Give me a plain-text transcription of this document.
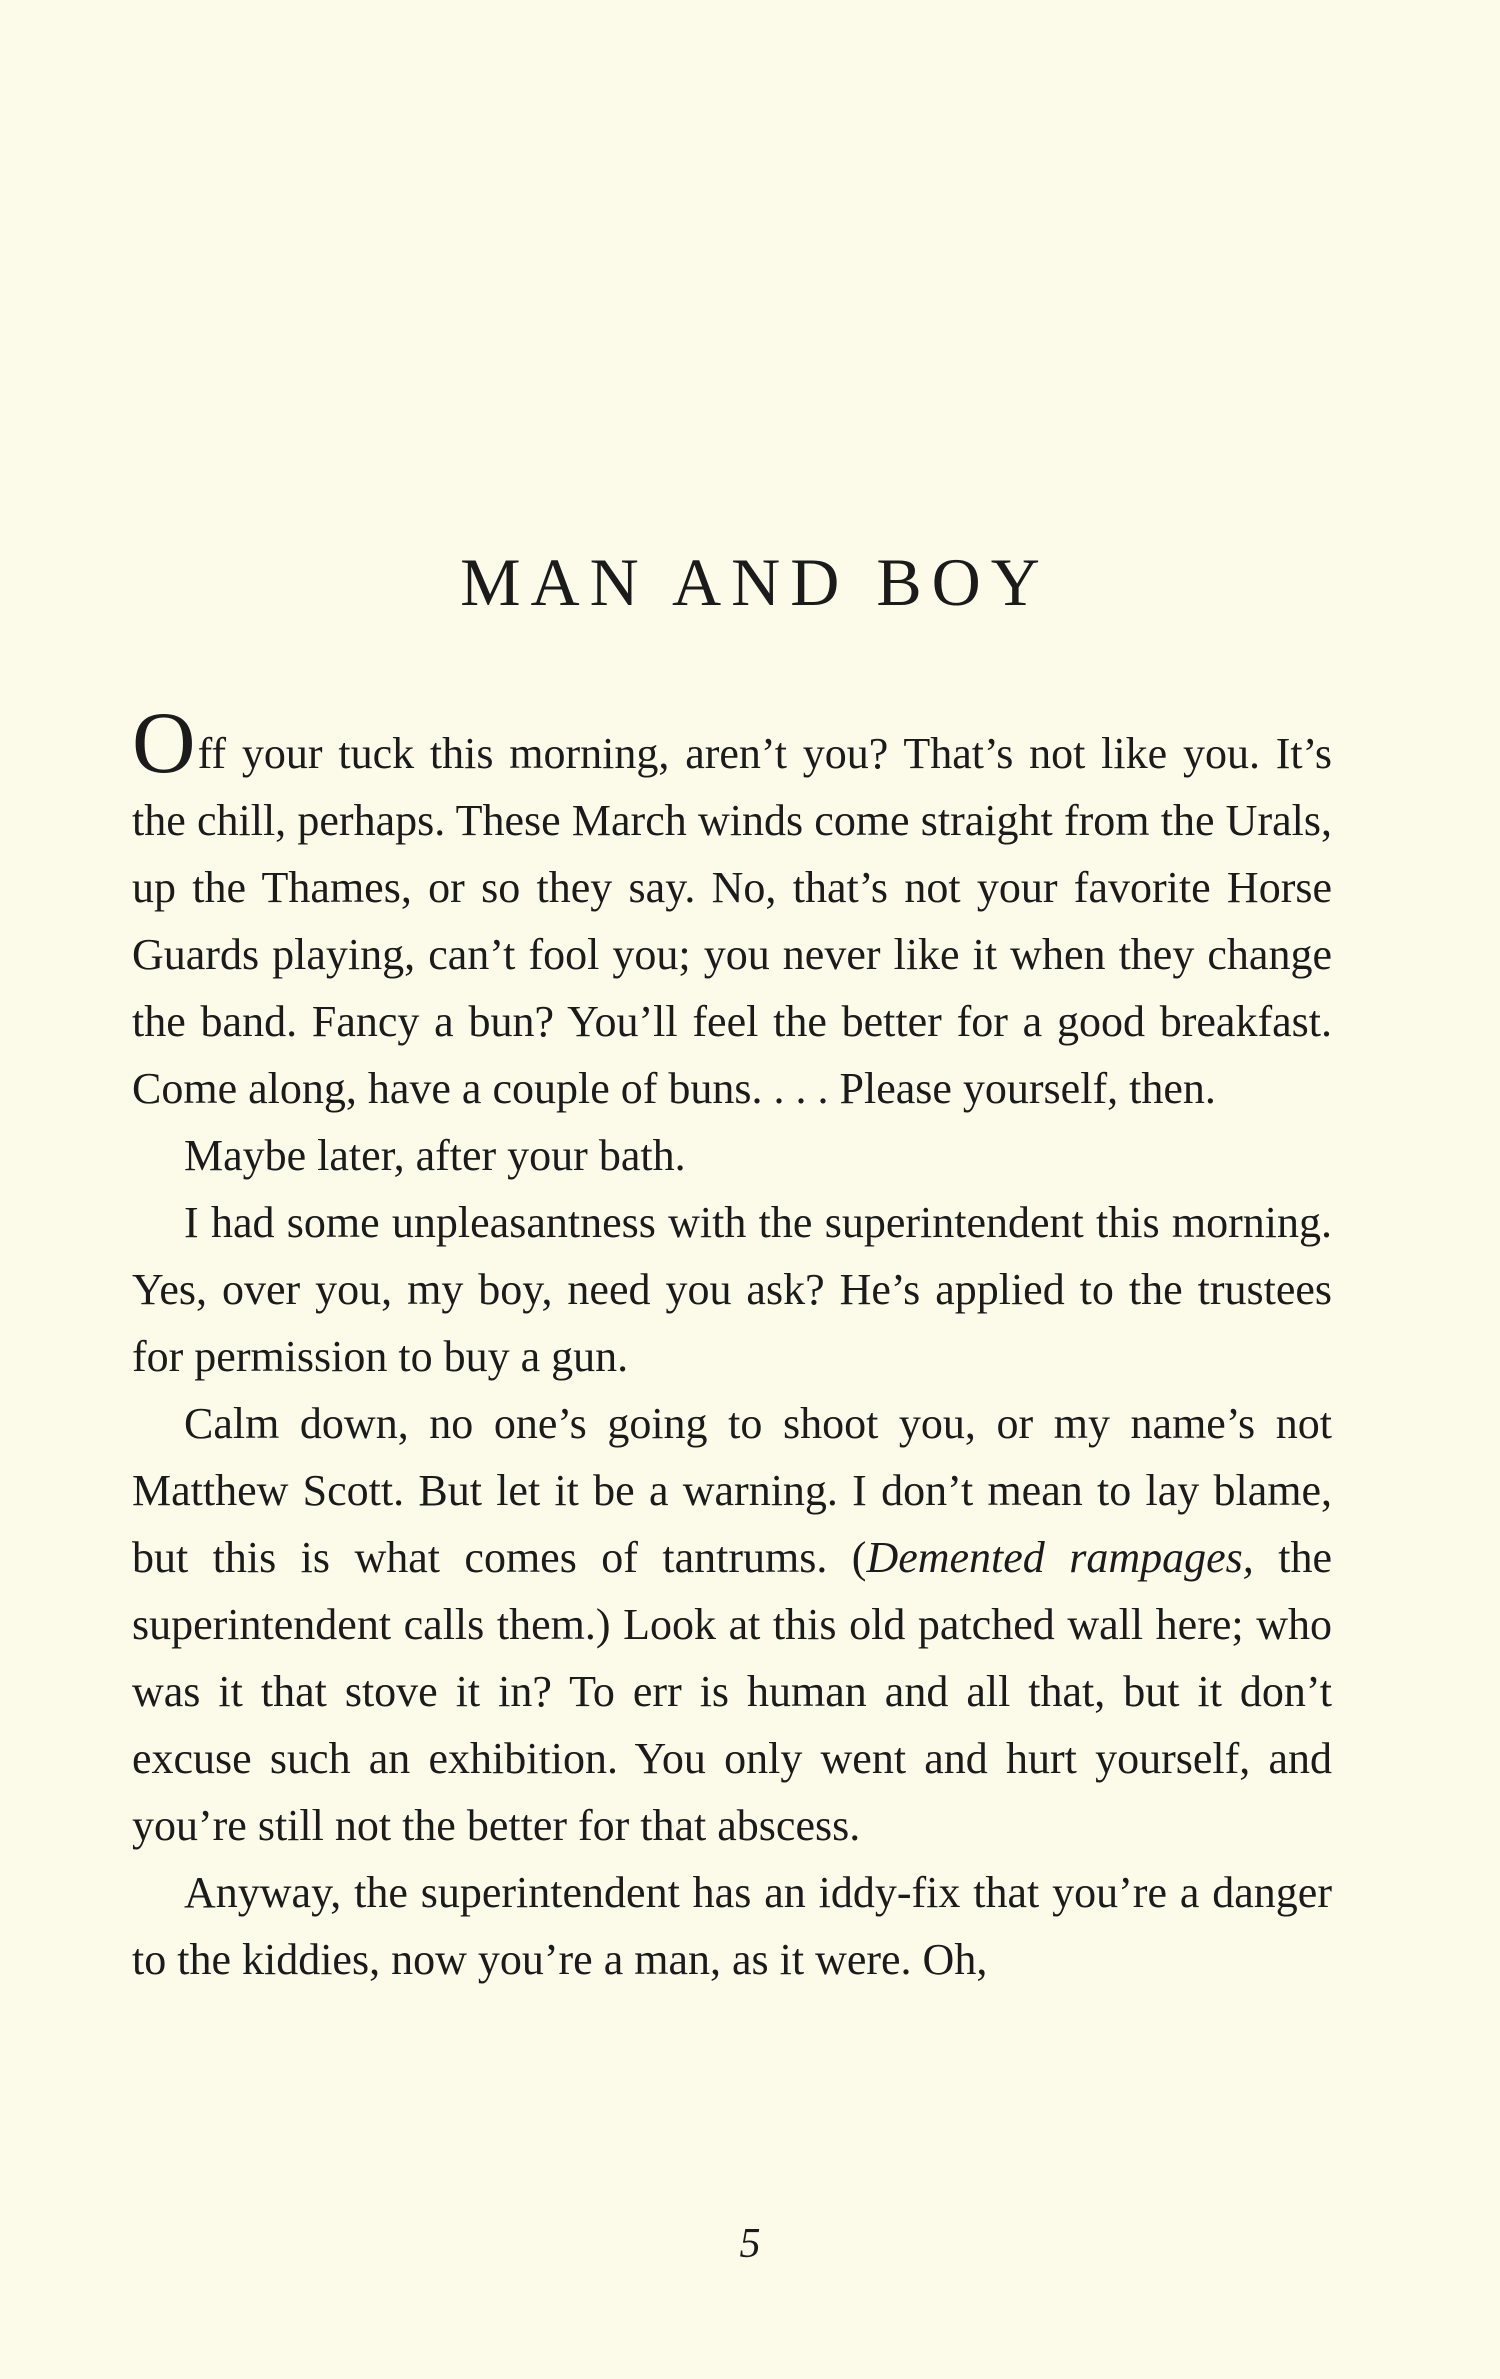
MAN AND BOY

Off your tuck this morning, aren’t you? That’s not like you. It’s the chill, perhaps. These March winds come straight from the Urals, up the Thames, or so they say. No, that’s not your favorite Horse Guards playing, can’t fool you; you never like it when they change the band. Fancy a bun? You’ll feel the better for a good breakfast. Come along, have a couple of buns. . . . Please yourself, then.

Maybe later, after your bath.

I had some unpleasantness with the superintendent this morning. Yes, over you, my boy, need you ask? He’s applied to the trustees for permission to buy a gun.

Calm down, no one’s going to shoot you, or my name’s not Matthew Scott. But let it be a warning. I don’t mean to lay blame, but this is what comes of tantrums. (Demented rampages, the superintendent calls them.) Look at this old patched wall here; who was it that stove it in? To err is human and all that, but it don’t excuse such an exhibition. You only went and hurt yourself, and you’re still not the better for that abscess.

Anyway, the superintendent has an iddy-fix that you’re a danger to the kiddies, now you’re a man, as it were. Oh,

5
